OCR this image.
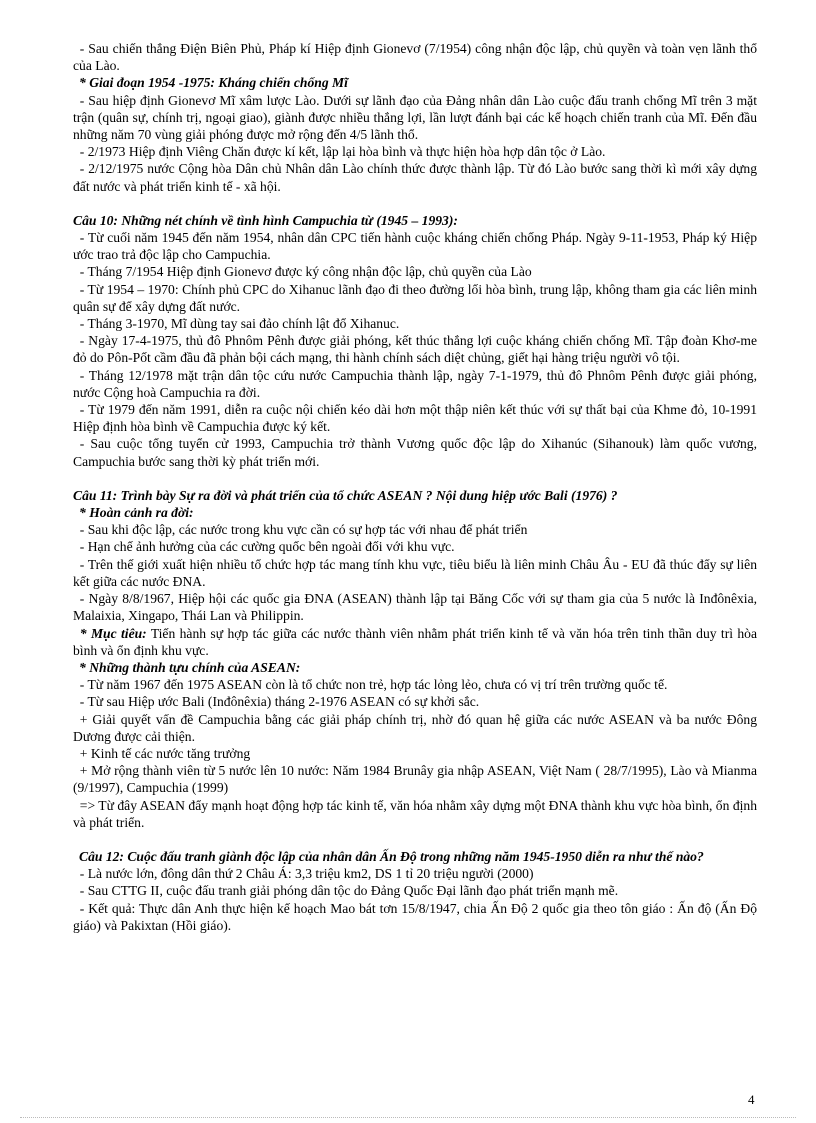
- Sau chiến thắng Điện Biên Phủ, Pháp kí Hiệp định Gionevơ (7/1954) công nhận độc lập, chủ quyền và toàn vẹn lãnh thổ của Lào.

* Giai đoạn 1954 -1975: Kháng chiến chống Mĩ

- Sau hiệp định Gionevơ Mĩ xâm lược Lào. Dưới sự lãnh đạo của Đảng nhân dân Lào cuộc đấu tranh chống Mĩ trên 3 mặt trận (quân sự, chính trị, ngoại giao), giành được nhiều thắng lợi, lần lượt đánh bại các kế hoạch chiến tranh của Mĩ. Đến đầu những năm 70 vùng giải phóng được mở rộng đến 4/5 lãnh thổ.

- 2/1973 Hiệp định Viêng Chăn được kí kết, lập lại hòa bình và thực hiện hòa hợp dân tộc ở Lào.

- 2/12/1975 nước Cộng hòa Dân chủ Nhân dân Lào chính thức được thành lập. Từ đó Lào bước sang thời kì mới xây dựng đất nước và phát triển kinh tế - xã hội.

Câu 10: Những nét chính về tình hình Campuchia từ (1945 – 1993):

- Từ cuối năm 1945 đến năm 1954, nhân dân CPC tiến hành cuộc kháng chiến chống Pháp. Ngày 9-11-1953, Pháp ký Hiệp ước trao trả độc lập cho Campuchia.

- Tháng 7/1954 Hiệp định Gionevơ được ký công nhận độc lập, chủ quyền của Lào

- Từ 1954 – 1970: Chính phủ CPC do Xihanuc lãnh đạo đi theo đường lối hòa bình, trung lập, không tham gia các liên minh quân sự để xây dựng đất nước.

- Tháng 3-1970, Mĩ dùng tay sai đảo chính lật đổ Xihanuc.

- Ngày 17-4-1975, thủ đô Phnôm Pênh được giải phóng, kết thúc thắng lợi cuộc kháng chiến chống Mĩ. Tập đoàn Khơ-me đỏ do Pôn-Pốt cầm đầu đã phản bội cách mạng, thi hành chính sách diệt chủng, giết hại hàng triệu người vô tội.

- Tháng 12/1978 mặt trận dân tộc cứu nước Campuchia thành lập, ngày 7-1-1979, thủ đô Phnôm Pênh được giải phóng, nước Cộng hoà Campuchia ra đời.

- Từ 1979 đến năm 1991, diễn ra cuộc nội chiến kéo dài hơn một thập niên kết thúc với sự thất bại của Khme đỏ, 10-1991 Hiệp định hòa bình về Campuchia được ký kết.

- Sau cuộc tổng tuyển cử 1993, Campuchia trở thành Vương quốc độc lập do Xihanúc (Sihanouk) làm quốc vương, Campuchia bước sang thời kỳ phát triển mới.

Câu 11: Trình bày Sự ra đời và phát triển của tổ chức ASEAN ? Nội dung hiệp ước Bali (1976) ?

* Hoàn cảnh ra đời:

- Sau khi độc lập, các nước trong khu vực cần có sự hợp tác với nhau để phát triển

- Hạn chế ảnh hưởng của các cường quốc bên ngoài đối với khu vực.

- Trên thế giới xuất hiện nhiều tổ chức hợp tác mang tính khu vực, tiêu biểu là liên minh Châu Âu - EU đã thúc đẩy sự liên kết giữa các nước ĐNA.

- Ngày 8/8/1967, Hiệp hội các quốc gia ĐNA (ASEAN) thành lập tại Băng Cốc với sự tham gia của 5 nước là Inđônêxia, Malaixia, Xingapo, Thái Lan và Philippin.

* Mục tiêu: Tiến hành sự hợp tác giữa các nước thành viên nhằm phát triển kinh tế và văn hóa trên tinh thần duy trì hòa bình và ổn định khu vực.

* Những thành tựu chính của ASEAN:

- Từ năm 1967 đến 1975 ASEAN còn là tổ chức non trẻ, hợp tác lỏng lẻo, chưa có vị trí trên trường quốc tế.

- Từ sau Hiệp ước Bali (Inđônêxia) tháng 2-1976 ASEAN có sự khởi sắc.

+ Giải quyết vấn đề Campuchia bằng các giải pháp chính trị, nhờ đó quan hệ giữa các nước ASEAN và ba nước Đông Dương được cải thiện.

+ Kinh tế các nước tăng trưởng

+ Mở rộng thành viên từ 5 nước lên 10 nước: Năm 1984 Brunây gia nhập ASEAN, Việt Nam ( 28/7/1995), Lào và Mianma (9/1997), Campuchia (1999)

=> Từ đây ASEAN đẩy mạnh hoạt động hợp tác kinh tế, văn hóa nhằm xây dựng một ĐNA thành khu vực hòa bình, ổn định và phát triển.

Câu 12: Cuộc đấu tranh giành độc lập của nhân dân Ấn Độ trong những năm 1945-1950 diễn ra như thế nào?

- Là nước lớn, đông dân thứ 2 Châu Á: 3,3 triệu km2, DS 1 tỉ 20 triệu người (2000)

- Sau CTTG II, cuộc đấu tranh giải phóng dân tộc do Đảng Quốc Đại lãnh đạo phát triển mạnh mẽ.

- Kết quả: Thực dân Anh thực hiện kế hoạch Mao bát tơn 15/8/1947, chia Ấn Độ 2 quốc gia theo tôn giáo : Ấn độ (Ấn Độ giáo) và Pakixtan (Hồi giáo).

4
